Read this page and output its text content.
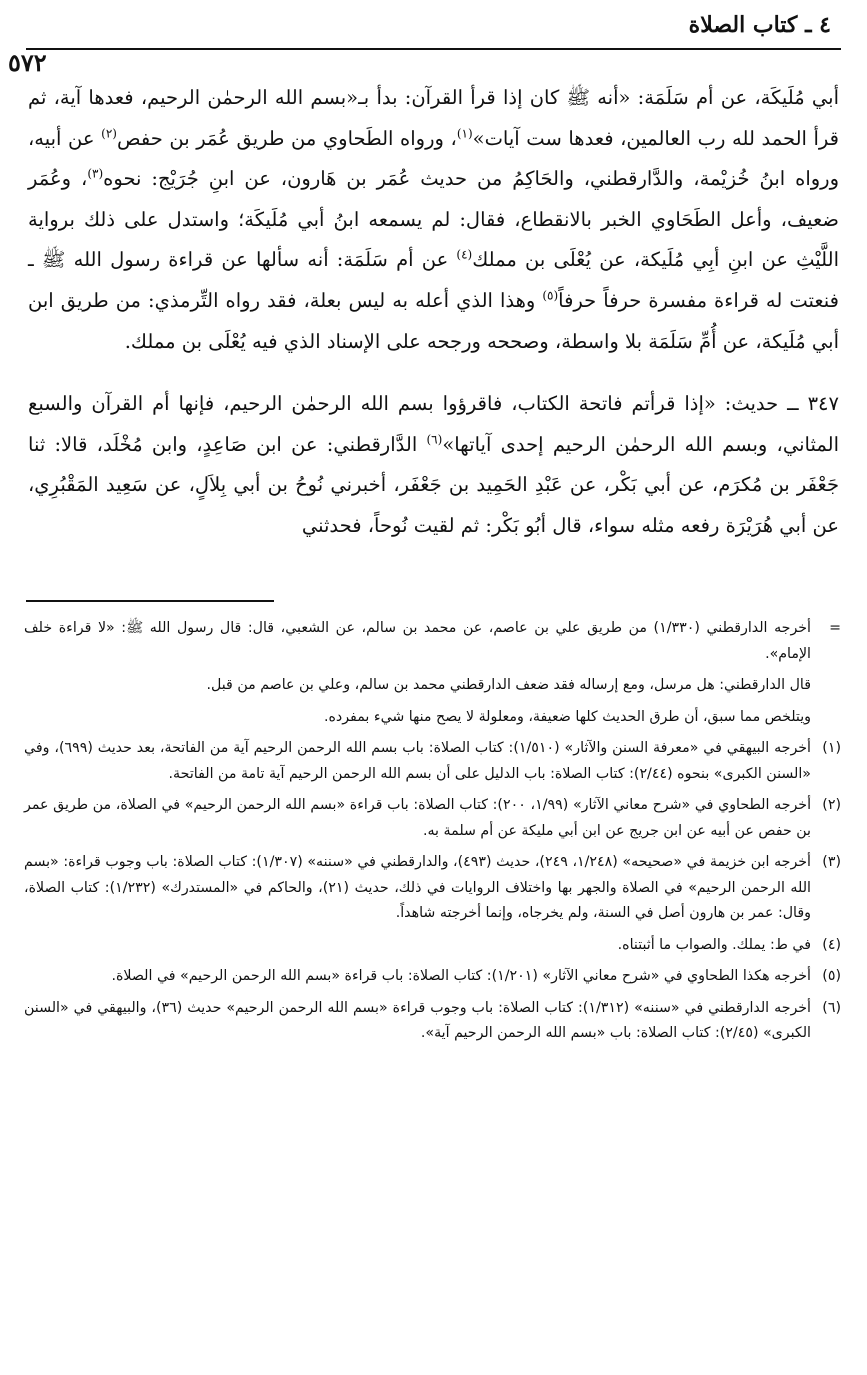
٤ ـ كتاب الصلاة
٥٧٢

أبي مُلَيكَة، عن أم سَلَمَة: «أنه ﷺ كان إذا قرأ القرآن: بدأ بـ«بسم الله الرحمٰن الرحيم، فعدها آية، ثم قرأ الحمد لله رب العالمين، فعدها ست آيات»$^{(١)}$، ورواه الطَحاوي من طريق عُمَر بن حفص$^{(٢)}$ عن أبيه، ورواه ابنُ خُزيْمة، والدَّارقطني، والحَاكِمُ من حديث عُمَر بن هَارون، عن ابنِ جُرَيْج: نحوه$^{(٣)}$، وعُمَر ضعيف، وأعل الطَحَاوي الخبر بالانقطاع، فقال: لم يسمعه ابنُ أبي مُلَيكَة؛ واستدل على ذلك برواية اللَّيْثِ عن ابنِ أبِي مُلَيكة، عن يُعْلَى بن مملك$^{(٤)}$ عن أم سَلَمَة: أنه سألها عن قراءة رسول الله ﷺ ـ فنعتت له قراءة مفسرة حرفاً حرفاً$^{(٥)}$ وهذا الذي أعله به ليس بعلة، فقد رواه التِّرمذي: من طريق ابن أبي مُلَيكة، عن أُمِّ سَلَمَة بلا واسطة، وصححه ورجحه على الإسناد الذي فيه يُعْلَى بن مملك.

٣٤٧ ــ حديث: «إذا قرأتم فاتحة الكتاب، فاقرؤوا بسم الله الرحمٰن الرحيم، فإنها أم القرآن والسبع المثاني، وبسم الله الرحمٰن الرحيم إحدى آياتها»$^{(٦)}$ الدَّارقطني: عن ابن صَاعِدٍ، وابن مُخْلَد، قالا: ثنا جَعْفَر بن مُكرَم، عن أبي بَكْر، عن عَبْدِ الحَمِيد بن جَعْفَر، أخبرني نُوحُ بن أبي بِلاَلٍ، عن سَعِيد المَقْبُرِي، عن أبي هُرَيْرَة رفعه مثله سواء، قال أبُو بَكْر: ثم لقيت نُوحاً، فحدثني

=
أخرجه الدارقطني (١/٣٣٠) من طريق علي بن عاصم، عن محمد بن سالم، عن الشعبي، قال: قال رسول الله ﷺ: «لا قراءة خلف الإمام».
قال الدارقطني: هل مرسل، ومع إرساله فقد ضعف الدارقطني محمد بن سالم، وعلي بن عاصم من قبل.
ويتلخص مما سبق، أن طرق الحديث كلها ضعيفة، ومعلولة لا يصح منها شيء بمفرده.
(١)
أخرجه البيهقي في «معرفة السنن والآثار» (١/٥١٠): كتاب الصلاة: باب بسم الله الرحمن الرحيم آية من الفاتحة، بعد حديث (٦٩٩)، وفي «السنن الكبرى» بنحوه (٢/٤٤): كتاب الصلاة: باب الدليل على أن بسم الله الرحمن الرحيم آية تامة من الفاتحة.
(٢)
أخرجه الطحاوي في «شرح معاني الآثار» (١/٩٩، ٢٠٠): كتاب الصلاة: باب قراءة «بسم الله الرحمن الرحيم» في الصلاة، من طريق عمر بن حفص عن أبيه عن ابن جريج عن ابن أبي مليكة عن أم سلمة به.
(٣)
أخرجه ابن خزيمة في «صحيحه» (١/٢٤٨، ٢٤٩)، حديث (٤٩٣)، والدارقطني في «سننه» (١/٣٠٧): كتاب الصلاة: باب وجوب قراءة: «بسم الله الرحمن الرحيم» في الصلاة والجهر بها واختلاف الروايات في ذلك، حديث (٢١)، والحاكم في «المستدرك» (١/٢٣٢): كتاب الصلاة، وقال: عمر بن هارون أصل في السنة، ولم يخرجاه، وإنما أخرجته شاهداً.
(٤)
في ط: يملك. والصواب ما أثبتناه.
(٥)
أخرجه هكذا الطحاوي في «شرح معاني الآثار» (١/٢٠١): كتاب الصلاة: باب قراءة «بسم الله الرحمن الرحيم» في الصلاة.
(٦)
أخرجه الدارقطني في «سننه» (١/٣١٢): كتاب الصلاة: باب وجوب قراءة «بسم الله الرحمن الرحيم» حديث (٣٦)، والبيهقي في «السنن الكبرى» (٢/٤٥): كتاب الصلاة: باب «بسم الله الرحمن الرحيم آية».
